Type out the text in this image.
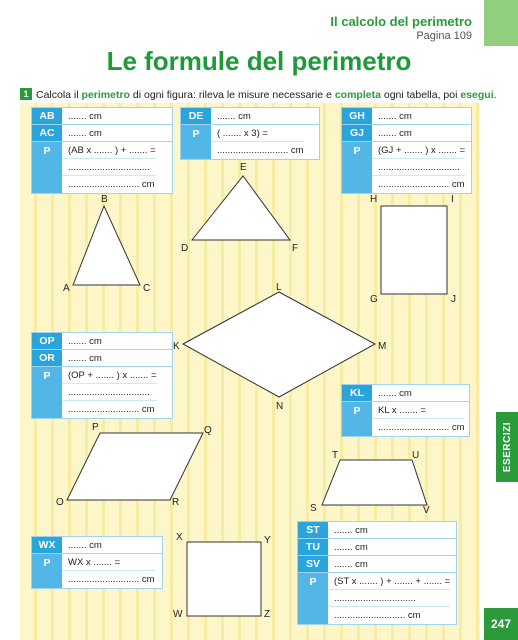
Il calcolo del perimetro
Pagina 109
Le formule del perimetro
1 Calcola il perimetro di ogni figura: rileva le misure necessarie e completa ogni tabella, poi esegui.
B
A	C
E
D	F
H	I
G	J
L
K	M
N
P	Q
O	R
T	U
S	V
X	Y
W	Z
AB	....... cm
AC	....... cm
P	(AB x ....... ) + ....... =
...............................
........................... cm
DE	....... cm
P	( ....... x 3) =
........................... cm
GH	....... cm
GJ	....... cm
P	(GJ + ....... ) x ....... =
...............................
........................... cm
OP	....... cm
OR	....... cm
P	(OP + ....... ) x ....... =
...............................
........................... cm
KL	....... cm
P	KL x ....... =
........................... cm
ST	....... cm
TU	....... cm
SV	....... cm
P	(ST x ....... ) + ....... + ....... =
...............................
........................... cm
WX	....... cm
P	WX x ....... =
........................... cm
ESERCIZI
247
